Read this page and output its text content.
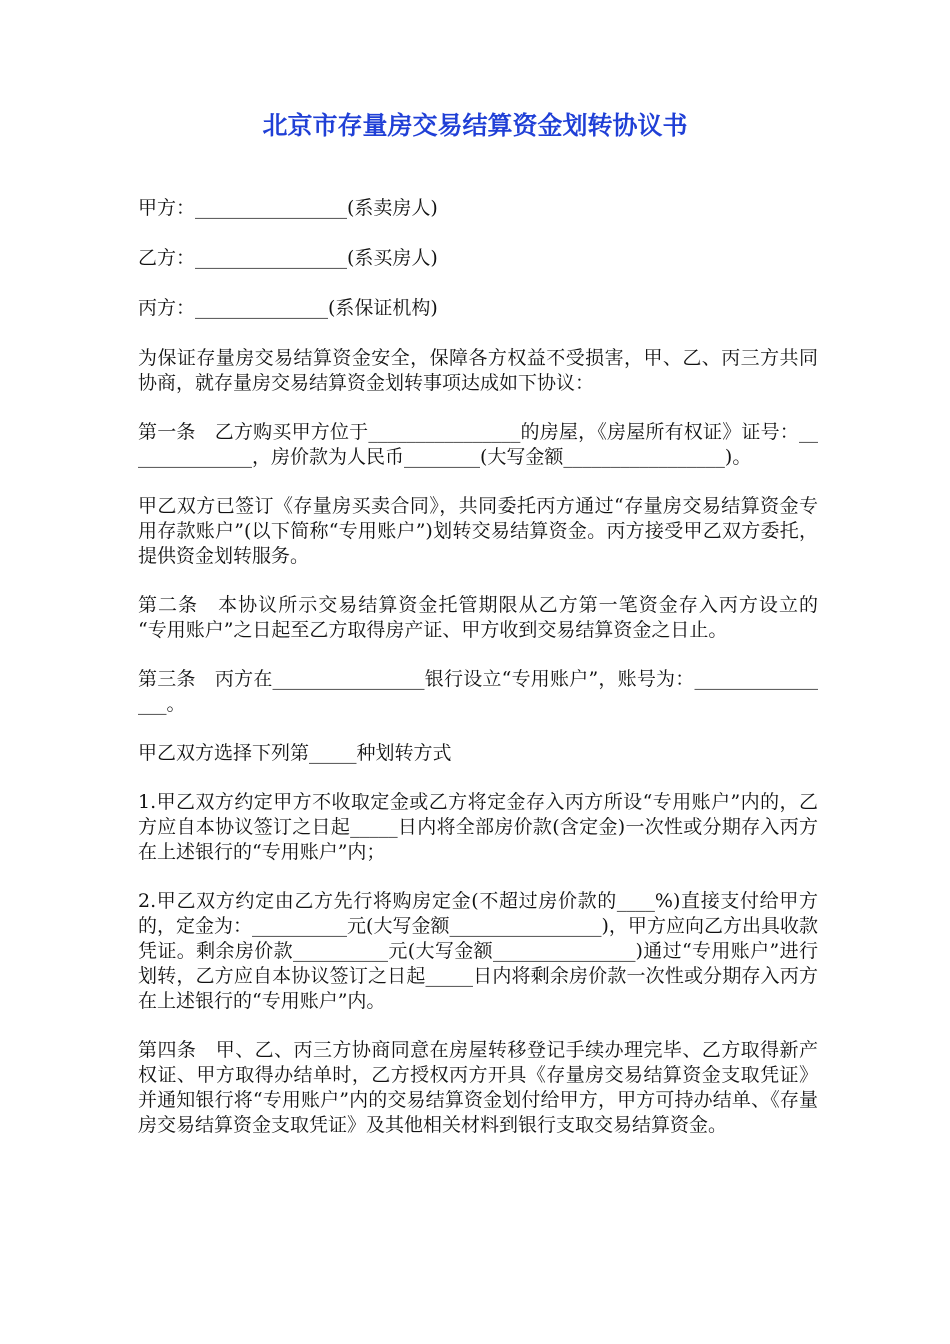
北京市存量房交易结算资金划转协议书

甲方：________________(系卖房人)

乙方：________________(系买房人)

丙方：______________(系保证机构)

为保证存量房交易结算资金安全，保障各方权益不受损害，甲、乙、丙三方共同协商，就存量房交易结算资金划转事项达成如下协议：

第一条　乙方购买甲方位于________________的房屋，《房屋所有权证》证号：______________，房价款为人民币________(大写金额_________________)。

甲乙双方已签订《存量房买卖合同》，共同委托丙方通过“存量房交易结算资金专用存款账户”(以下简称“专用账户”)划转交易结算资金。丙方接受甲乙双方委托，提供资金划转服务。

第二条　本协议所示交易结算资金托管期限从乙方第一笔资金存入丙方设立的 “专用账户”之日起至乙方取得房产证、甲方收到交易结算资金之日止。

第三条　丙方在________________银行设立“专用账户”，账号为：________________。

甲乙双方选择下列第_____种划转方式

1.甲乙双方约定甲方不收取定金或乙方将定金存入丙方所设“专用账户”内的，乙方应自本协议签订之日起_____日内将全部房价款(含定金)一次性或分期存入丙方在上述银行的“专用账户”内；

2.甲乙双方约定由乙方先行将购房定金(不超过房价款的____%)直接支付给甲方的，定金为：__________元(大写金额________________)，甲方应向乙方出具收款凭证。剩余房价款__________元(大写金额_______________)通过“专用账户”进行划转，乙方应自本协议签订之日起_____日内将剩余房价款一次性或分期存入丙方在上述银行的“专用账户”内。

第四条　甲、乙、丙三方协商同意在房屋转移登记手续办理完毕、乙方取得新产权证、甲方取得办结单时，乙方授权丙方开具《存量房交易结算资金支取凭证》并通知银行将“专用账户”内的交易结算资金划付给甲方，甲方可持办结单、《存量房交易结算资金支取凭证》及其他相关材料到银行支取交易结算资金。
